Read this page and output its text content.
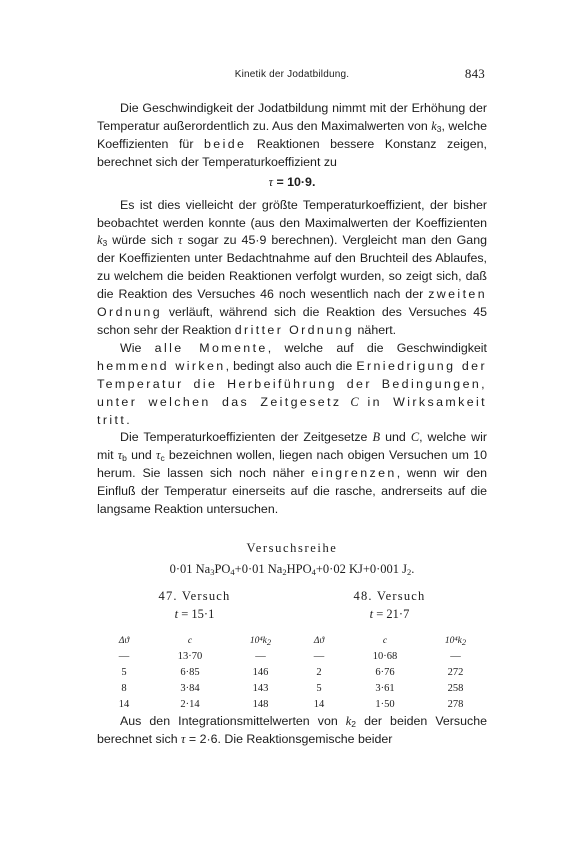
Kinetik der Jodatbildung.	843

Die Geschwindigkeit der Jodatbildung nimmt mit der Erhöhung der Temperatur außerordentlich zu. Aus den Maximalwerten von $k_3$, welche Koeffizienten für beide Reaktionen bessere Konstanz zeigen, berechnet sich der Temperaturkoeffizient zu

τ = 10·9.

Es ist dies vielleicht der größte Temperaturkoeffizient, der bisher beobachtet werden konnte (aus den Maximalwerten der Koeffizienten $k_3$ würde sich τ sogar zu 45·9 berechnen). Vergleicht man den Gang der Koeffizienten unter Bedachtnahme auf den Bruchteil des Ablaufes, zu welchem die beiden Reaktionen verfolgt wurden, so zeigt sich, daß die Reaktion des Versuches 46 noch wesentlich nach der zweiten Ordnung verläuft, während sich die Reaktion des Versuches 45 schon sehr der Reaktion dritter Ordnung nähert.

Wie alle Momente, welche auf die Geschwindigkeit hemmend wirken, bedingt also auch die Erniedrigung der Temperatur die Herbeiführung der Bedingungen, unter welchen das Zeitgesetz C in Wirksamkeit tritt.

Die Temperaturkoeffizienten der Zeitgesetze B und C, welche wir mit $\tau_b$ und $\tau_c$ bezeichnen wollen, liegen nach obigen Versuchen um 10 herum. Sie lassen sich noch näher eingrenzen, wenn wir den Einfluß der Temperatur einerseits auf die rasche, andrerseits auf die langsame Reaktion untersuchen.

Versuchsreihe
0·01 $Na_3PO_4+0\cdot 01$ $Na_2HPO_4+0\cdot 02$ KJ+0·001 $J_2$.
47. Versuch
t = 15·1
48. Versuch
t = 21·7
Δϑ	c	$10^4k_2$
—	13·70	—
5	6·85	146
8	3·84	143
14	2·14	148
Δϑ	c	$10^4k_2$
—	10·68	—
2	6·76	272
5	3·61	258
14	1·50	278

Aus den Integrationsmittelwerten von $k_2$ der beiden Versuche berechnet sich τ = 2·6. Die Reaktionsgemische beider
